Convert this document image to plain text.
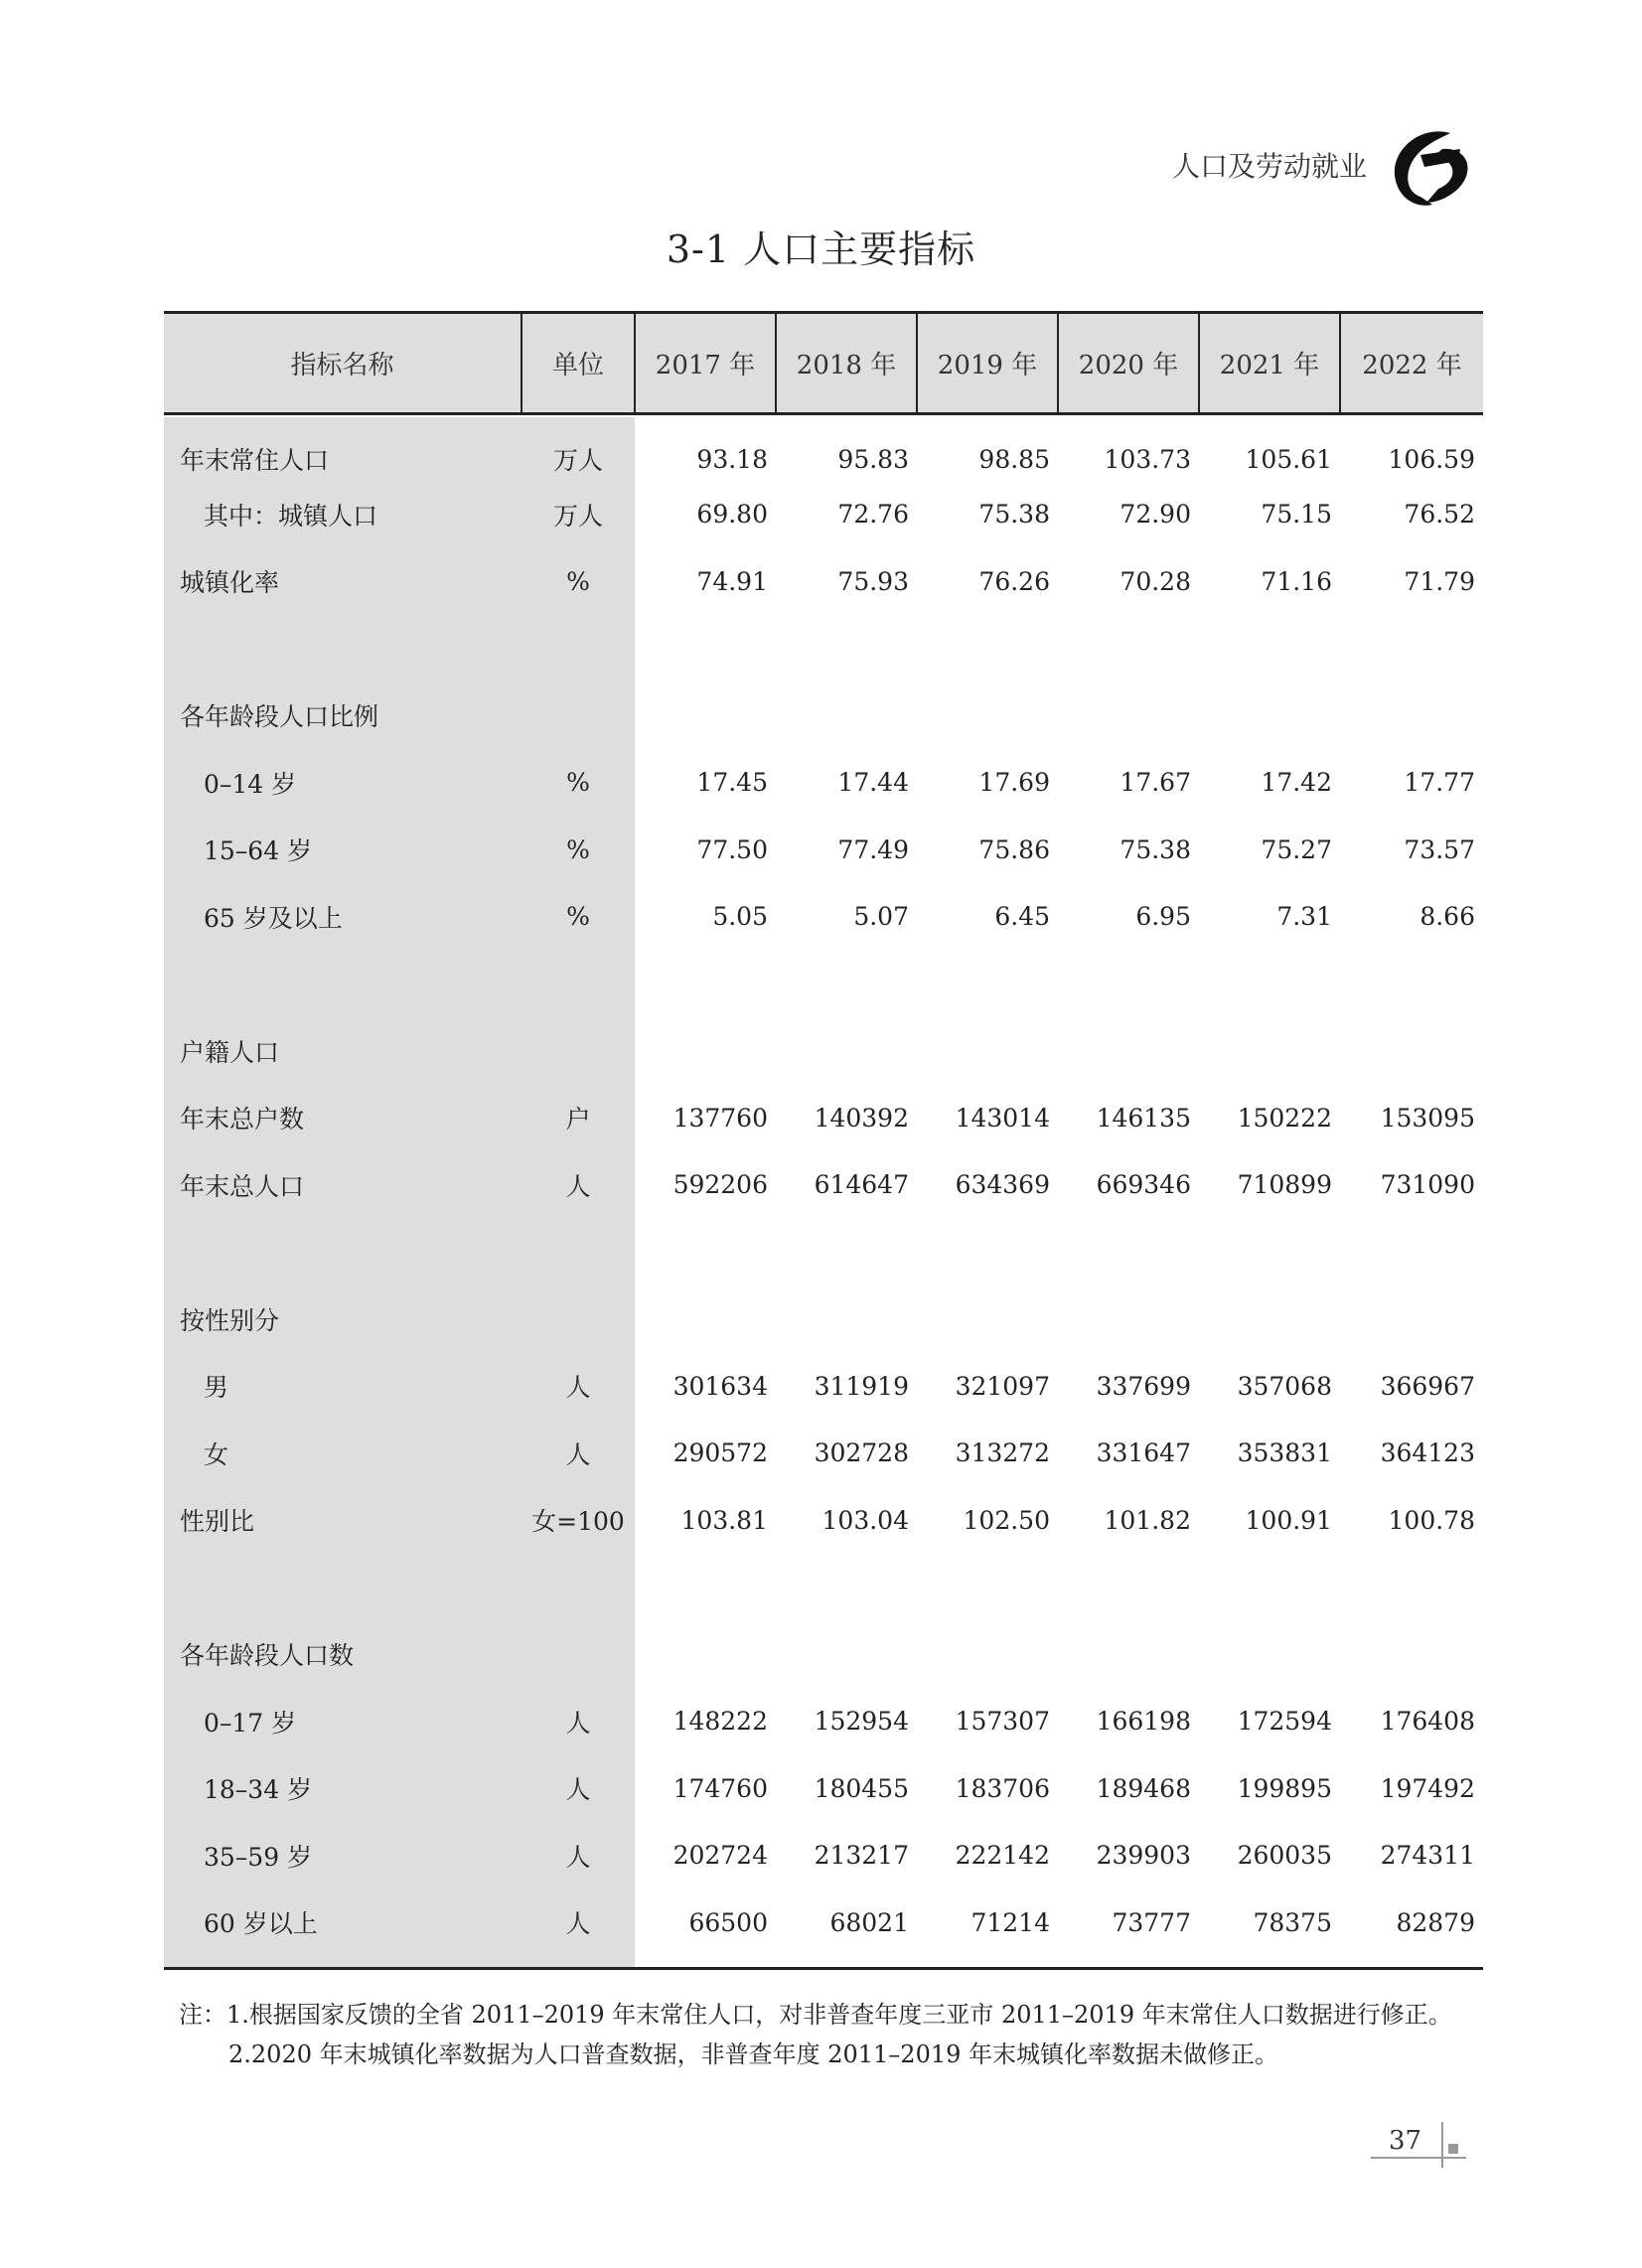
人口及劳动就业
3-1 人口主要指标
指标名称	单位	2017 年	2018 年	2019 年	2020 年	2021 年	2022 年
年末常住人口	万人	93.18	95.83	98.85	103.73	105.61	106.59
其中：城镇人口	万人	69.80	72.76	75.38	72.90	75.15	76.52
城镇化率	%	74.91	75.93	76.26	70.28	71.16	71.79

各年龄段人口比例							
0–14 岁	%	17.45	17.44	17.69	17.67	17.42	17.77
15–64 岁	%	77.50	77.49	75.86	75.38	75.27	73.57
65 岁及以上	%	5.05	5.07	6.45	6.95	7.31	8.66

户籍人口							
年末总户数	户	137760	140392	143014	146135	150222	153095
年末总人口	人	592206	614647	634369	669346	710899	731090

按性别分							
男	人	301634	311919	321097	337699	357068	366967
女	人	290572	302728	313272	331647	353831	364123
性别比	女=100	103.81	103.04	102.50	101.82	100.91	100.78

各年龄段人口数							
0–17 岁	人	148222	152954	157307	166198	172594	176408
18–34 岁	人	174760	180455	183706	189468	199895	197492
35–59 岁	人	202724	213217	222142	239903	260035	274311
60 岁以上	人	66500	68021	71214	73777	78375	82879
注：1.根据国家反馈的全省 2011–2019 年末常住人口，对非普查年度三亚市 2011–2019 年末常住人口数据进行修正。
2.2020 年末城镇化率数据为人口普查数据，非普查年度 2011–2019 年末城镇化率数据未做修正。
37
